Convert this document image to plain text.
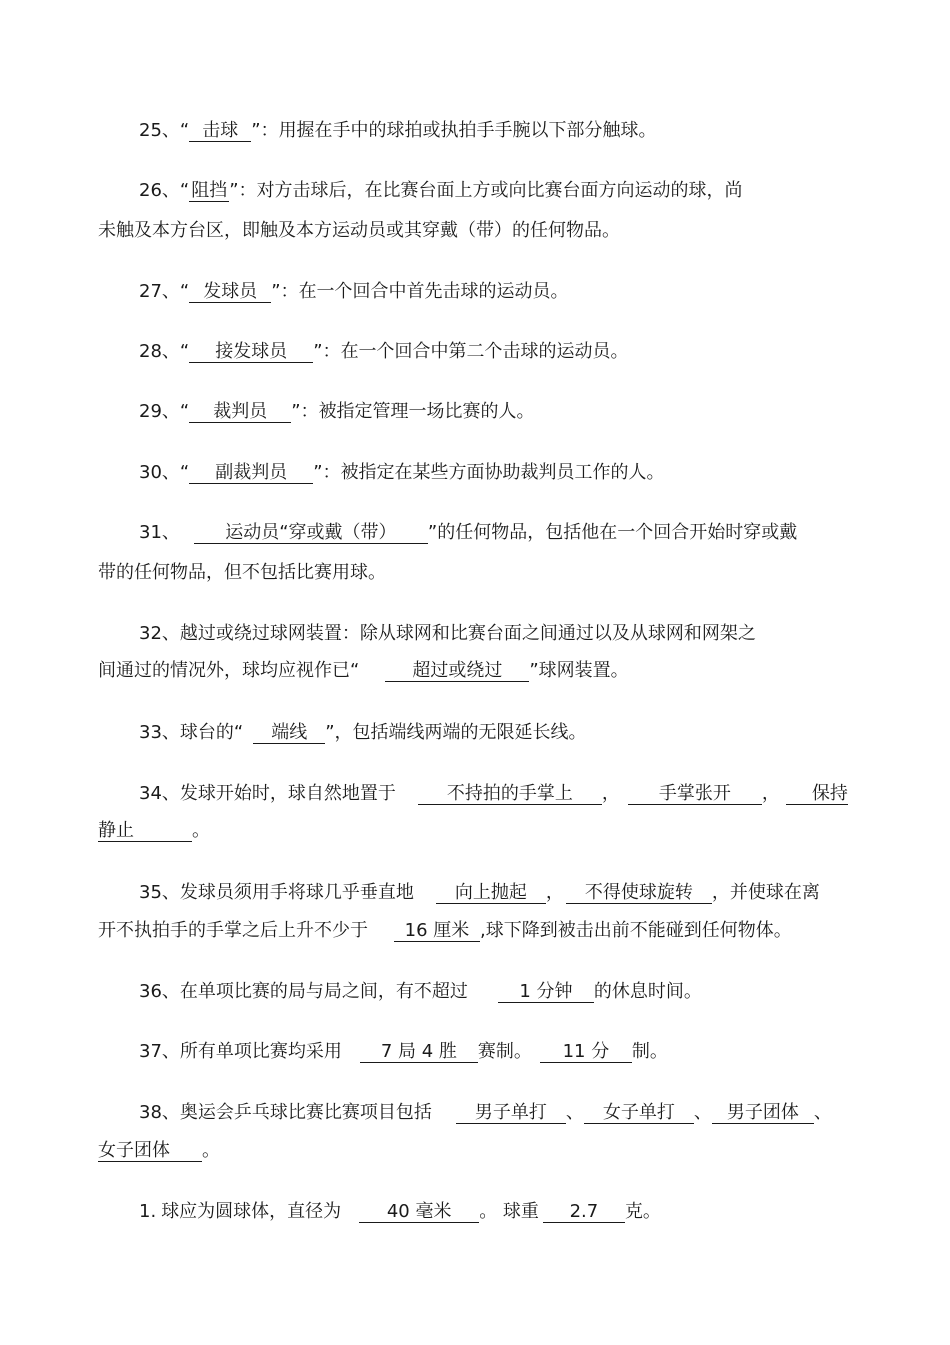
25、“ 击球 ”：用握在手中的球拍或执拍手手腕以下部分触球。
26、“ 阻挡 ”：对方击球后，在比赛台面上方或向比赛台面方向运动的球，尚
未触及本方台区，即触及本方运动员或其穿戴（带）的任何物品。
27、“ 发球员 ”：在一个回合中首先击球的运动员。
28、“ 接发球员 ”：在一个回合中第二个击球的运动员。
29、“ 裁判员 ”：被指定管理一场比赛的人。
30、“ 副裁判员 ”：被指定在某些方面协助裁判员工作的人。
31、	运动员“穿或戴（带） ”的任何物品，包括他在一个回合开始时穿或戴
带的任何物品，但不包括比赛用球。
32、越过或绕过球网装置：除从球网和比赛台面之间通过以及从球网和网架之
间通过的情况外，球均应视作已“	超过或绕过 ”球网装置。
33、球台的“ 端线 ”，包括端线两端的无限延长线。
34、发球开始时，球自然地置于	不持拍的手掌上 ， 手掌张开 ， 保持
静止	。
35、发球员须用手将球几乎垂直地 向上抛起 ， 不得使球旋转 ，并使球在离
开不执拍手的手掌之后上升不少于 16 厘米 ,球下降到被击出前不能碰到任何物体。
36、在单项比赛的局与局之间，有不超过	1 分钟 的休息时间。
37、所有单项比赛均采用 7 局 4 胜 赛制。 11 分 制。
38、奥运会乒乓球比赛比赛项目包括 男子单打 、 女子单打 、 男子团体 、
女子团体 。
1. 球应为圆球体，直径为	40 毫米 。 球重 2.7 克。
